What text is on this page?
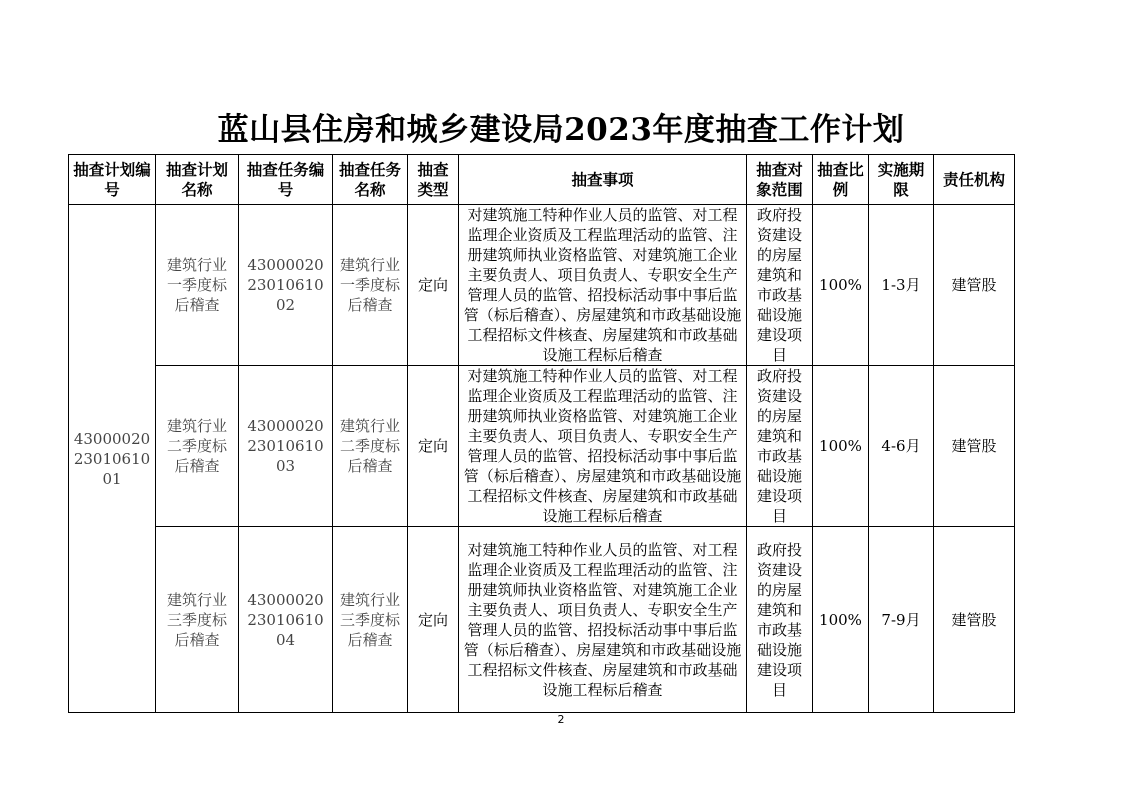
蓝山县住房和城乡建设局2023年度抽查工作计划
抽查计划编号	抽查计划名称	抽查任务编号	抽查任务名称	抽查类型	抽查事项	抽查对象范围	抽查比例	实施期限	责任机构
430000202301061001	建筑行业一季度标后稽查	430000202301061002	建筑行业一季度标后稽查	定向	对建筑施工特种作业人员的监管、对工程监理企业资质及工程监理活动的监管、注册建筑师执业资格监管、对建筑施工企业主要负责人、项目负责人、专职安全生产管理人员的监管、招投标活动事中事后监管（标后稽查）、房屋建筑和市政基础设施工程招标文件核查、房屋建筑和市政基础设施工程标后稽查	政府投资建设的房屋建筑和市政基础设施建设项目	100%	1-3月	建管股
	建筑行业二季度标后稽查	430000202301061003	建筑行业二季度标后稽查	定向	对建筑施工特种作业人员的监管、对工程监理企业资质及工程监理活动的监管、注册建筑师执业资格监管、对建筑施工企业主要负责人、项目负责人、专职安全生产管理人员的监管、招投标活动事中事后监管（标后稽查）、房屋建筑和市政基础设施工程招标文件核查、房屋建筑和市政基础设施工程标后稽查	政府投资建设的房屋建筑和市政基础设施建设项目	100%	4-6月	建管股
	建筑行业三季度标后稽查	430000202301061004	建筑行业三季度标后稽查	定向	对建筑施工特种作业人员的监管、对工程监理企业资质及工程监理活动的监管、注册建筑师执业资格监管、对建筑施工企业主要负责人、项目负责人、专职安全生产管理人员的监管、招投标活动事中事后监管（标后稽查）、房屋建筑和市政基础设施工程招标文件核查、房屋建筑和市政基础设施工程标后稽查	政府投资建设的房屋建筑和市政基础设施建设项目	100%	7-9月	建管股
2
